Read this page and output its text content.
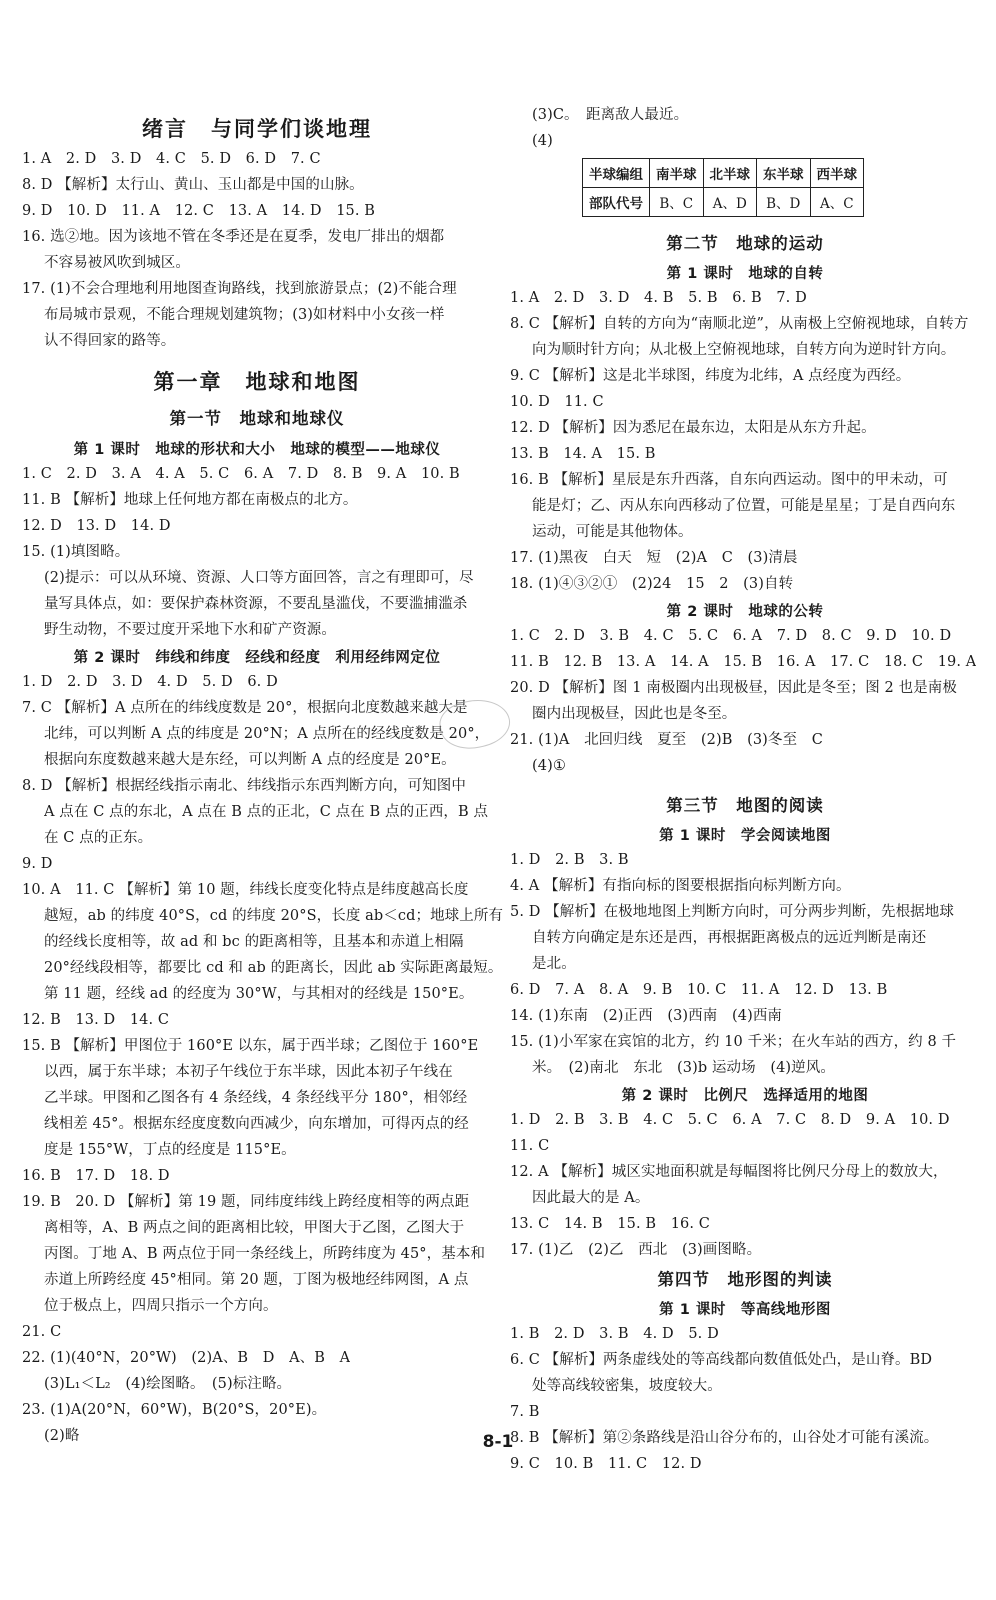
绪言　与同学们谈地理
1. A　2. D　3. D　4. C　5. D　6. D　7. C
8. D 【解析】太行山、黄山、玉山都是中国的山脉。
9. D　10. D　11. A　12. C　13. A　14. D　15. B
16. 选②地。因为该地不管在冬季还是在夏季，发电厂排出的烟都
不容易被风吹到城区。
17. (1)不会合理地利用地图查询路线，找到旅游景点；(2)不能合理
布局城市景观，不能合理规划建筑物；(3)如材料中小女孩一样
认不得回家的路等。
第一章　地球和地图
第一节　地球和地球仪
第 1 课时　地球的形状和大小　地球的模型——地球仪
1. C　2. D　3. A　4. A　5. C　6. A　7. D　8. B　9. A　10. B
11. B 【解析】地球上任何地方都在南极点的北方。
12. D　13. D　14. D
15. (1)填图略。
(2)提示：可以从环境、资源、人口等方面回答，言之有理即可，尽
量写具体点，如：要保护森林资源，不要乱垦滥伐，不要滥捕滥杀
野生动物，不要过度开采地下水和矿产资源。
第 2 课时　纬线和纬度　经线和经度　利用经纬网定位
1. D　2. D　3. D　4. D　5. D　6. D
7. C 【解析】A 点所在的纬线度数是 20°，根据向北度数越来越大是
北纬，可以判断 A 点的纬度是 20°N；A 点所在的经线度数是 20°，
根据向东度数越来越大是东经，可以判断 A 点的经度是 20°E。
8. D 【解析】根据经线指示南北、纬线指示东西判断方向，可知图中
A 点在 C 点的东北，A 点在 B 点的正北，C 点在 B 点的正西，B 点
在 C 点的正东。
9. D
10. A　11. C 【解析】第 10 题，纬线长度变化特点是纬度越高长度
越短，ab 的纬度 40°S，cd 的纬度 20°S，长度 ab＜cd；地球上所有
的经线长度相等，故 ad 和 bc 的距离相等，且基本和赤道上相隔
20°经线段相等，都要比 cd 和 ab 的距离长，因此 ab 实际距离最短。
第 11 题，经线 ad 的经度为 30°W，与其相对的经线是 150°E。
12. B　13. D　14. C
15. B 【解析】甲图位于 160°E 以东，属于西半球；乙图位于 160°E
以西，属于东半球；本初子午线位于东半球，因此本初子午线在
乙半球。甲图和乙图各有 4 条经线，4 条经线平分 180°，相邻经
线相差 45°。根据东经度度数向西减少，向东增加，可得丙点的经
度是 155°W，丁点的经度是 115°E。
16. B　17. D　18. D
19. B　20. D 【解析】第 19 题，同纬度纬线上跨经度相等的两点距
离相等，A、B 两点之间的距离相比较，甲图大于乙图，乙图大于
丙图。丁地 A、B 两点位于同一条经线上，所跨纬度为 45°，基本和
赤道上所跨经度 45°相同。第 20 题，丁图为极地经纬网图，A 点
位于极点上，四周只指示一个方向。
21. C
22. (1)(40°N，20°W)　(2)A、B　D　A、B　A
(3)L₁＜L₂　(4)绘图略。　(5)标注略。
23. (1)A(20°N，60°W)，B(20°S，20°E)。
(2)略
半球编组	南半球	北半球	东半球	西半球
部队代号	B、C	A、D	B、D	A、C
(3)C。　距离敌人最近。
(4)
第二节　地球的运动
第 1 课时　地球的自转
1. A　2. D　3. D　4. B　5. B　6. B　7. D
8. C 【解析】自转的方向为“南顺北逆”，从南极上空俯视地球，自转方
向为顺时针方向；从北极上空俯视地球，自转方向为逆时针方向。
9. C 【解析】这是北半球图，纬度为北纬，A 点经度为西经。
10. D　11. C
12. D 【解析】因为悉尼在最东边，太阳是从东方升起。
13. B　14. A　15. B
16. B 【解析】星辰是东升西落，自东向西运动。图中的甲未动，可
能是灯；乙、丙从东向西移动了位置，可能是星星；丁是自西向东
运动，可能是其他物体。
17. (1)黑夜　白天　短　(2)A　C　(3)清晨
18. (1)④③②①　(2)24　15　2　(3)自转
第 2 课时　地球的公转
1. C　2. D　3. B　4. C　5. C　6. A　7. D　8. C　9. D　10. D
11. B　12. B　13. A　14. A　15. B　16. A　17. C　18. C　19. A
20. D 【解析】图 1 南极圈内出现极昼，因此是冬至；图 2 也是南极
圈内出现极昼，因此也是冬至。
21. (1)A　北回归线　夏至　(2)B　(3)冬至　C
(4)①
第三节　地图的阅读
第 1 课时　学会阅读地图
1. D　2. B　3. B
4. A 【解析】有指向标的图要根据指向标判断方向。
5. D 【解析】在极地地图上判断方向时，可分两步判断，先根据地球
自转方向确定是东还是西，再根据距离极点的远近判断是南还
是北。
6. D　7. A　8. A　9. B　10. C　11. A　12. D　13. B
14. (1)东南　(2)正西　(3)西南　(4)西南
15. (1)小军家在宾馆的北方，约 10 千米；在火车站的西方，约 8 千
米。　(2)南北　东北　(3)b 运动场　(4)逆风。
第 2 课时　比例尺　选择适用的地图
1. D　2. B　3. B　4. C　5. C　6. A　7. C　8. D　9. A　10. D
11. C
12. A 【解析】城区实地面积就是每幅图将比例尺分母上的数放大，
因此最大的是 A。
13. C　14. B　15. B　16. C
17. (1)乙　(2)乙　西北　(3)画图略。
第四节　地形图的判读
第 1 课时　等高线地形图
1. B　2. D　3. B　4. D　5. D
6. C 【解析】两条虚线处的等高线都向数值低处凸，是山脊。BD
处等高线较密集，坡度较大。
7. B
8. B 【解析】第②条路线是沿山谷分布的，山谷处才可能有溪流。
9. C　10. B　11. C　12. D
8-1
